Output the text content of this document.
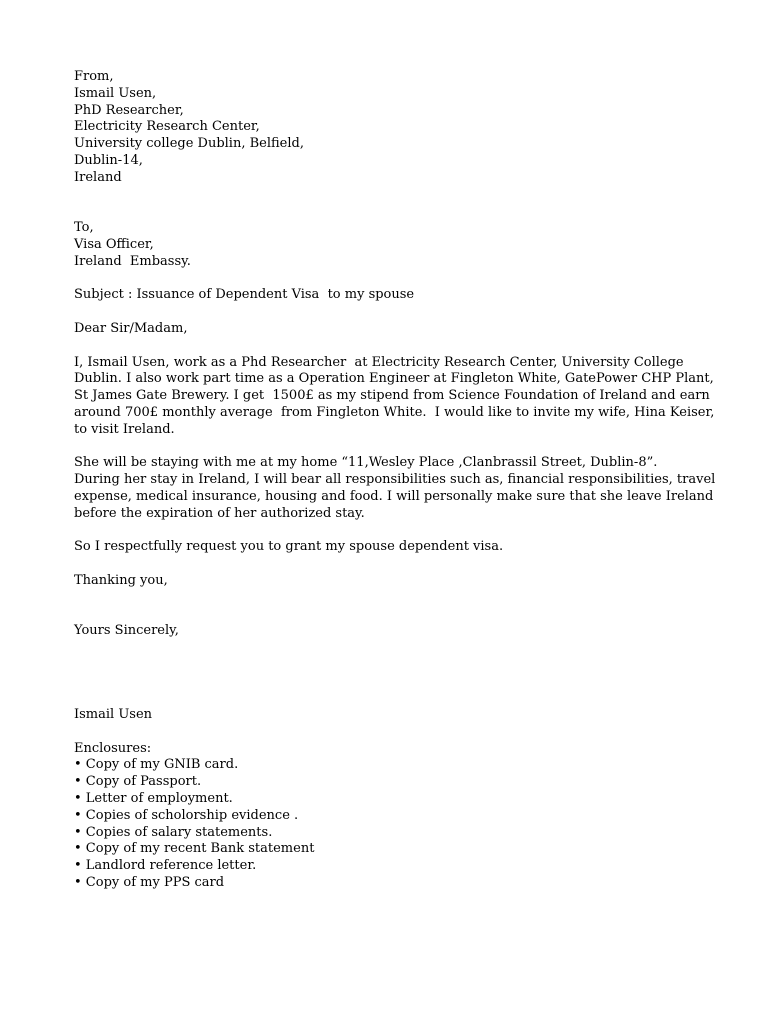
From,
Ismail Usen,
PhD Researcher,
Electricity Research Center,
University college Dublin, Belfield,
Dublin-14,
Ireland
To,
Visa Officer,
Ireland  Embassy.
Subject : Issuance of Dependent Visa  to my spouse
Dear Sir/Madam,
I, Ismail Usen, work as a Phd Researcher  at Electricity Research Center, University College
Dublin. I also work part time as a Operation Engineer at Fingleton White, GatePower CHP Plant,
St James Gate Brewery. I get  1500£ as my stipend from Science Foundation of Ireland and earn
around 700£ monthly average  from Fingleton White.  I would like to invite my wife, Hina Keiser,
to visit Ireland.
She will be staying with me at my home “11,Wesley Place ,Clanbrassil Street, Dublin-8”.
During her stay in Ireland, I will bear all responsibilities such as, financial responsibilities, travel
expense, medical insurance, housing and food. I will personally make sure that she leave Ireland
before the expiration of her authorized stay.
So I respectfully request you to grant my spouse dependent visa.
Thanking you,
Yours Sincerely,
Ismail Usen
Enclosures:
• Copy of my GNIB card.
• Copy of Passport.
• Letter of employment.
• Copies of scholorship evidence .
• Copies of salary statements.
• Copy of my recent Bank statement
• Landlord reference letter.
• Copy of my PPS card
